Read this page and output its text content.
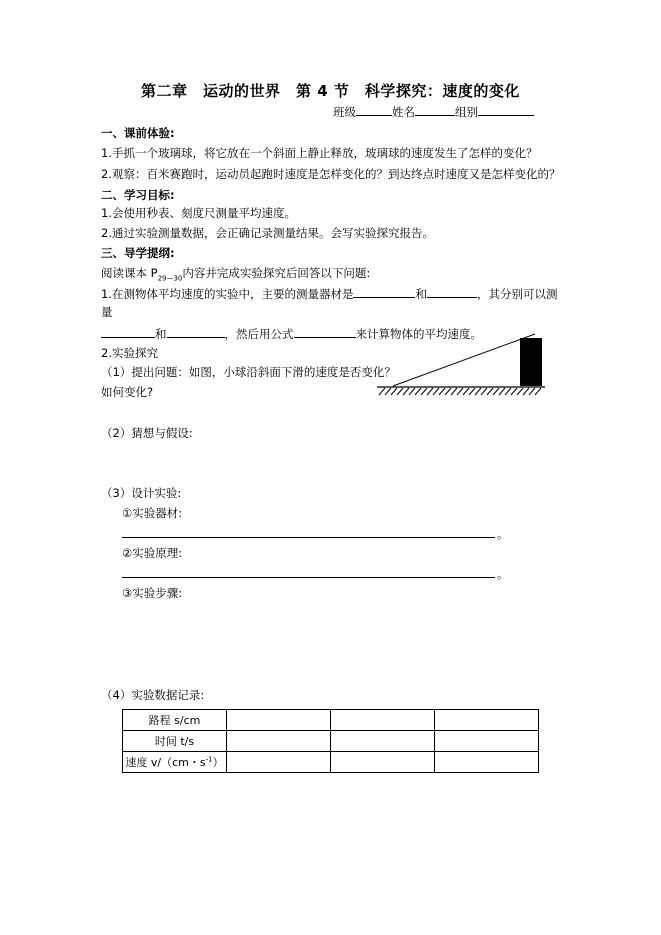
第二章　运动的世界　第 4 节　科学探究：速度的变化
班级	姓名	组别
一、课前体验:
1.手抓一个玻璃球，将它放在一个斜面上静止释放，玻璃球的速度发生了怎样的变化？
2.观察：百米赛跑时，运动员起跑时速度是怎样变化的？到达终点时速度又是怎样变化的？
二、学习目标:
1.会使用秒表、刻度尺测量平均速度。
2.通过实验测量数据，会正确记录测量结果。会写实验探究报告。
三、导学提纲:
阅读课本 $P_{29—30}$内容并完成实验探究后回答以下问题:
1.在测物体平均速度的实验中，主要的测量器材是	和	，其分别可以测
量
和	，然后用公式	来计算物体的平均速度。
2.实验探究
（1）提出问题：如图，小球沿斜面下滑的速度是否变化？
如何变化?
（2）猜想与假设:
（3）设计实验:
①实验器材:
。
②实验原理:
。
③实验步骤:
（4）实验数据记录:
路程 s/cm			
时间 t/s			
速度 v/（cm・$s^{-1}$）			
